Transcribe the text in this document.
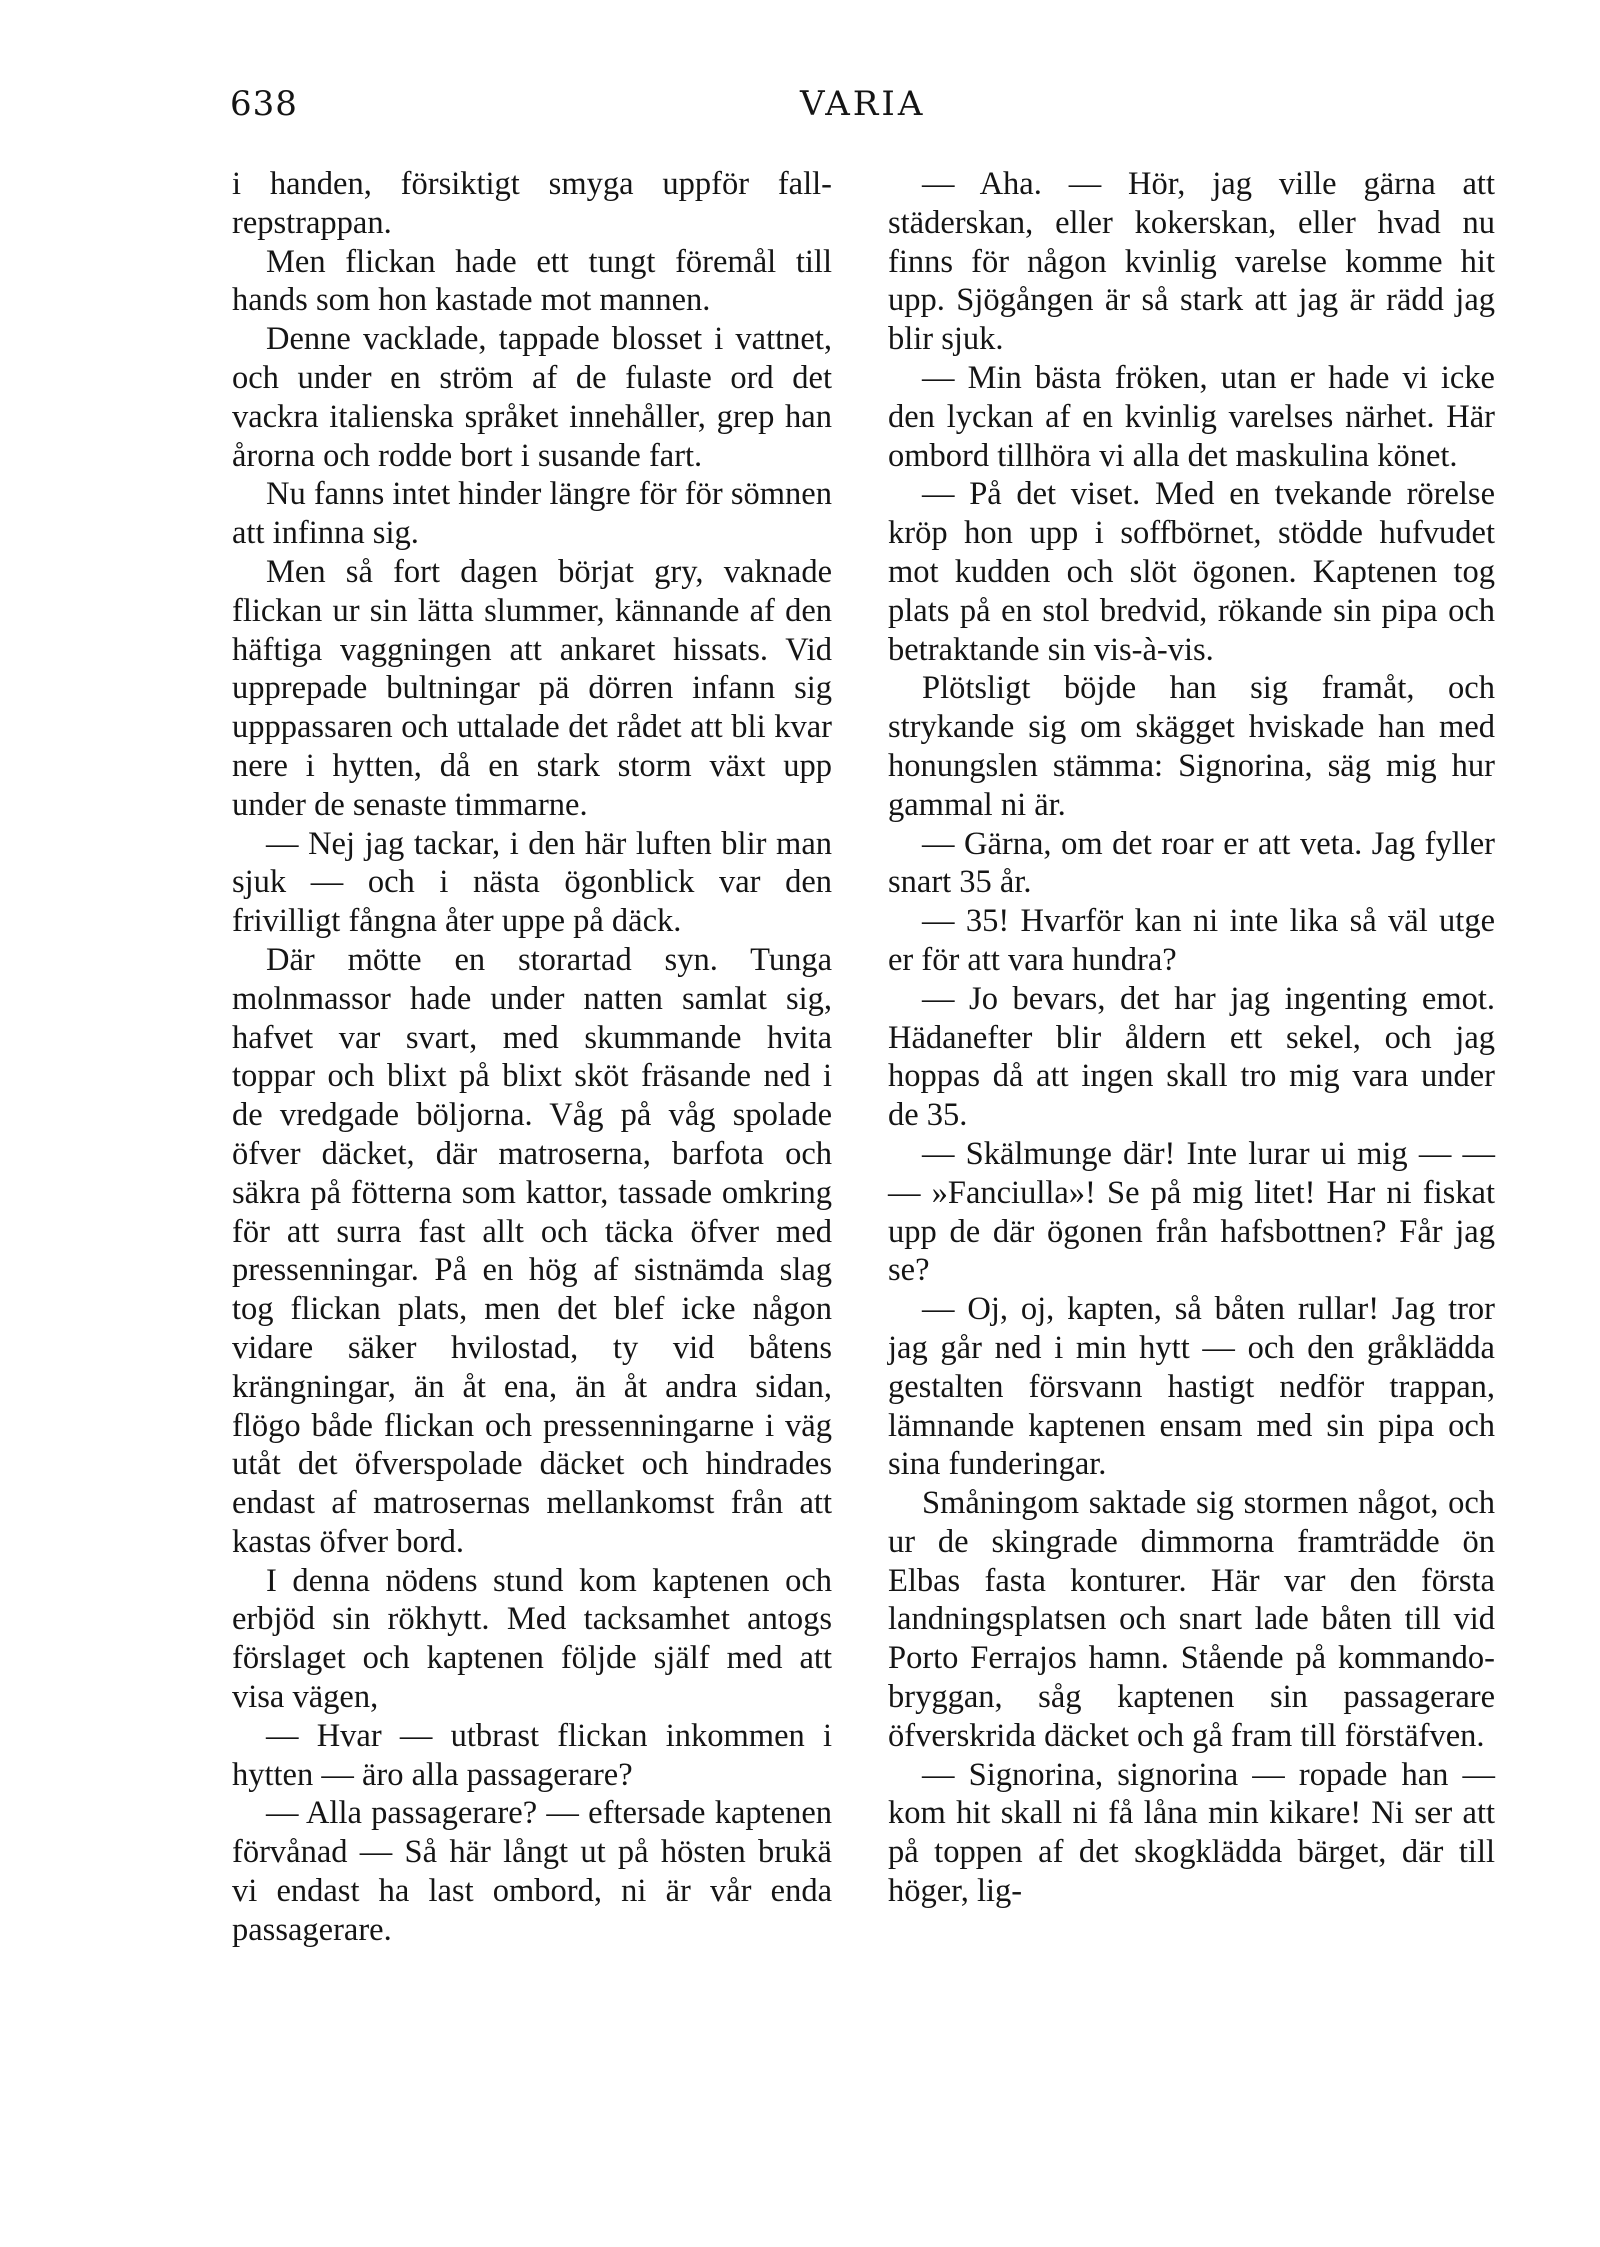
638	VARIA

i handen, försiktigt smyga uppför fallrepstrappan.

Men flickan hade ett tungt föremål till hands som hon kastade mot mannen.

Denne vacklade, tappade blosset i vattnet, och under en ström af de fulaste ord det vackra italienska språket innehåller, grep han årorna och rodde bort i susande fart.

Nu fanns intet hinder längre för för sömnen att infinna sig.

Men så fort dagen börjat gry, vaknade flickan ur sin lätta slummer, kännande af den häftiga vaggningen att ankaret hissats. Vid upprepade bultningar pä dörren infann sig upppassaren och uttalade det rådet att bli kvar nere i hytten, då en stark storm växt upp under de senaste timmarne.

— Nej jag tackar, i den här luften blir man sjuk — och i nästa ögonblick var den frivilligt fångna åter uppe på däck.

Där mötte en storartad syn. Tunga molnmassor hade under natten samlat sig, hafvet var svart, med skummande hvita toppar och blixt på blixt sköt fräsande ned i de vredgade böljorna. Våg på våg spolade öfver däcket, där matroserna, barfota och säkra på fötterna som kattor, tassade omkring för att surra fast allt och täcka öfver med pressenningar. På en hög af sistnämda slag tog flickan plats, men det blef icke någon vidare säker hvilostad, ty vid båtens krängningar, än åt ena, än åt andra sidan, flögo både flickan och pressenningarne i väg utåt det öfverspolade däcket och hindrades endast af matrosernas mellankomst från att kastas öfver bord.

I denna nödens stund kom kaptenen och erbjöd sin rökhytt. Med tacksamhet antogs förslaget och kaptenen följde själf med att visa vägen,

— Hvar — utbrast flickan inkommen i hytten — äro alla passagerare?

— Alla passagerare? — eftersade kaptenen förvånad — Så här långt ut på hösten brukä vi endast ha last ombord, ni är vår enda passagerare.

— Aha. — Hör, jag ville gärna att städerskan, eller kokerskan, eller hvad nu finns för någon kvinlig varelse komme hit upp. Sjögången är så stark att jag är rädd jag blir sjuk.

— Min bästa fröken, utan er hade vi icke den lyckan af en kvinlig varelses närhet. Här ombord tillhöra vi alla det maskulina könet.

— På det viset. Med en tvekande rörelse kröp hon upp i soffbörnet, stödde hufvudet mot kudden och slöt ögonen. Kaptenen tog plats på en stol bredvid, rökande sin pipa och betraktande sin vis-à-vis.

Plötsligt böjde han sig framåt, och strykande sig om skägget hviskade han med honungslen stämma: Signorina, säg mig hur gammal ni är.

— Gärna, om det roar er att veta. Jag fyller snart 35 år.

— 35! Hvarför kan ni inte lika så väl utge er för att vara hundra?

— Jo bevars, det har jag ingenting emot. Hädanefter blir åldern ett sekel, och jag hoppas då att ingen skall tro mig vara under de 35.

— Skälmunge där! Inte lurar ui mig — — — »Fanciulla»! Se på mig litet! Har ni fiskat upp de där ögonen från hafsbottnen? Får jag se?

— Oj, oj, kapten, så båten rullar! Jag tror jag går ned i min hytt — och den gråklädda gestalten försvann hastigt nedför trappan, lämnande kaptenen ensam med sin pipa och sina funderingar.

Småningom saktade sig stormen något, och ur de skingrade dimmorna framträdde ön Elbas fasta konturer. Här var den första landningsplatsen och snart lade båten till vid Porto Ferrajos hamn. Stående på kommandobryggan, såg kaptenen sin passagerare öfverskrida däcket och gå fram till förstäfven.

— Signorina, signorina — ropade han — kom hit skall ni få låna min kikare! Ni ser att på toppen af det skogklädda bärget, där till höger, lig-
